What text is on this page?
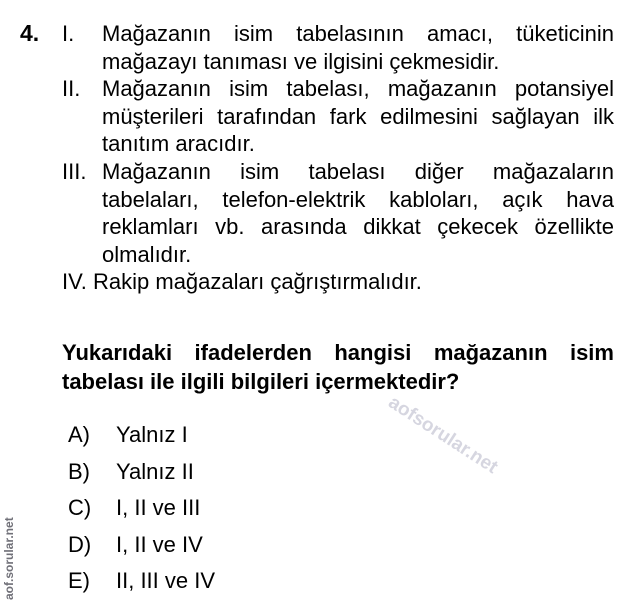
4. I.	Mağazanın isim tabelasının amacı, tüketicinin mağazayı tanıması ve ilgisini çekmesidir.
II. Mağazanın isim tabelası, mağazanın potansiyel müşterileri tarafından fark edilmesini sağlayan ilk tanıtım aracıdır.
III. Mağazanın isim tabelası diğer mağazaların tabelaları, telefon-elektrik kabloları, açık hava reklamları vb. arasında dikkat çekecek özellikte olmalıdır.
IV.
Rakip mağazaları çağrıştırmalıdır.
Yukarıdaki ifadelerden hangisi mağazanın isim tabelası ile ilgili bilgileri içermektedir?
A)	Yalnız I
B)	Yalnız II
C)	I, II ve III
D)	I, II ve IV
E)	II, III ve IV
aofsorular.net
aof.sorular.net
